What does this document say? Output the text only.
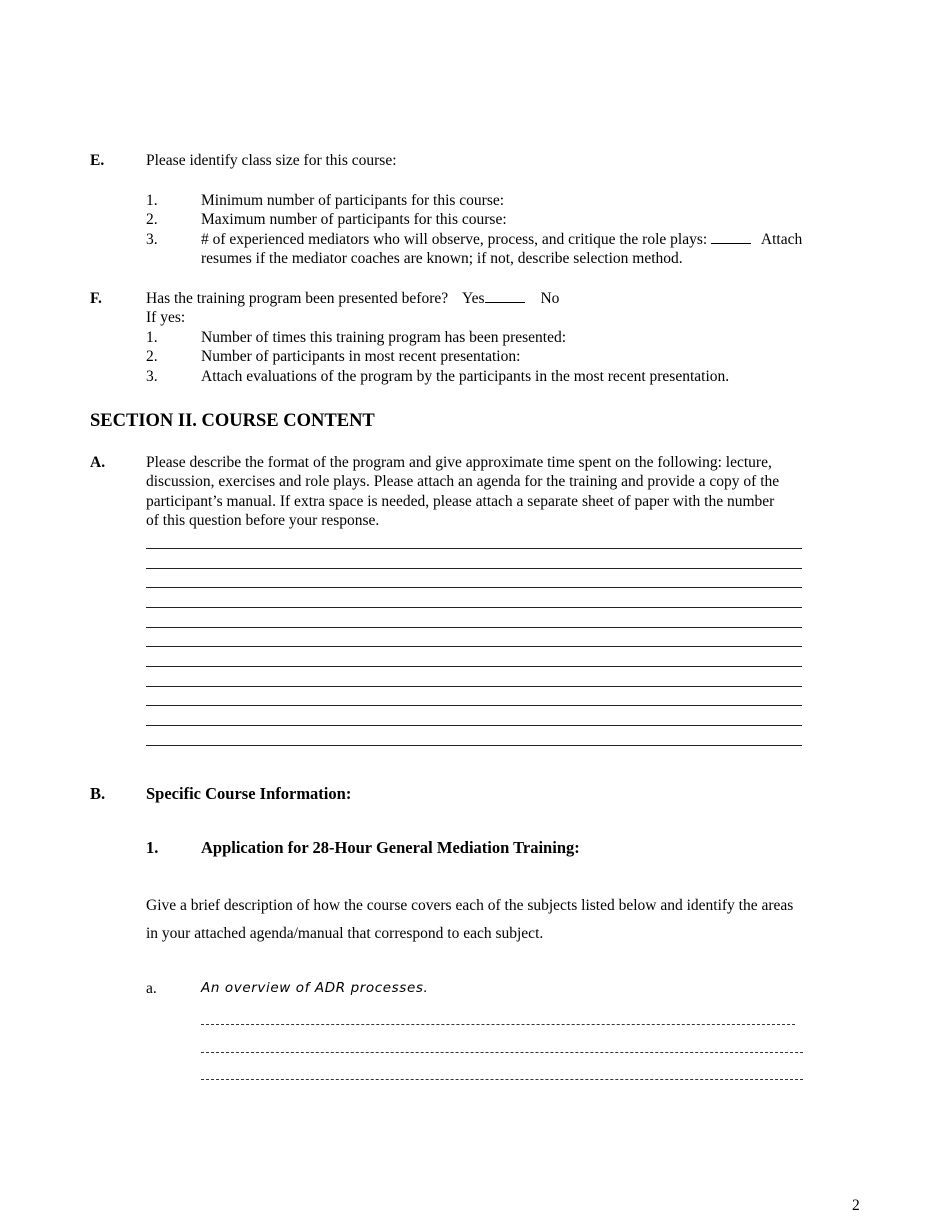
E.	Please identify class size for this course:
1.	Minimum number of participants for this course:
2.	Maximum number of participants for this course:
3.	# of experienced mediators who will observe, process, and critique the role plays:	Attach
resumes if the mediator coaches are known; if not, describe selection method.
F.	Has the training program been presented before? Yes	No
If yes:
1.	Number of times this training program has been presented:
2.	Number of participants in most recent presentation:
3.	Attach evaluations of the program by the participants in the most recent presentation.
SECTION II. COURSE CONTENT
A.	Please describe the format of the program and give approximate time spent on the following: lecture,
discussion, exercises and role plays. Please attach an agenda for the training and provide a copy of the
participant’s manual. If extra space is needed, please attach a separate sheet of paper with the number
of this question before your response.
B. Specific Course Information:
1.	Application for 28-Hour General Mediation Training:
Give a brief description of how the course covers each of the subjects listed below and identify the areas
in your attached agenda/manual that correspond to each subject.
a.	An overview of ADR processes.
2
